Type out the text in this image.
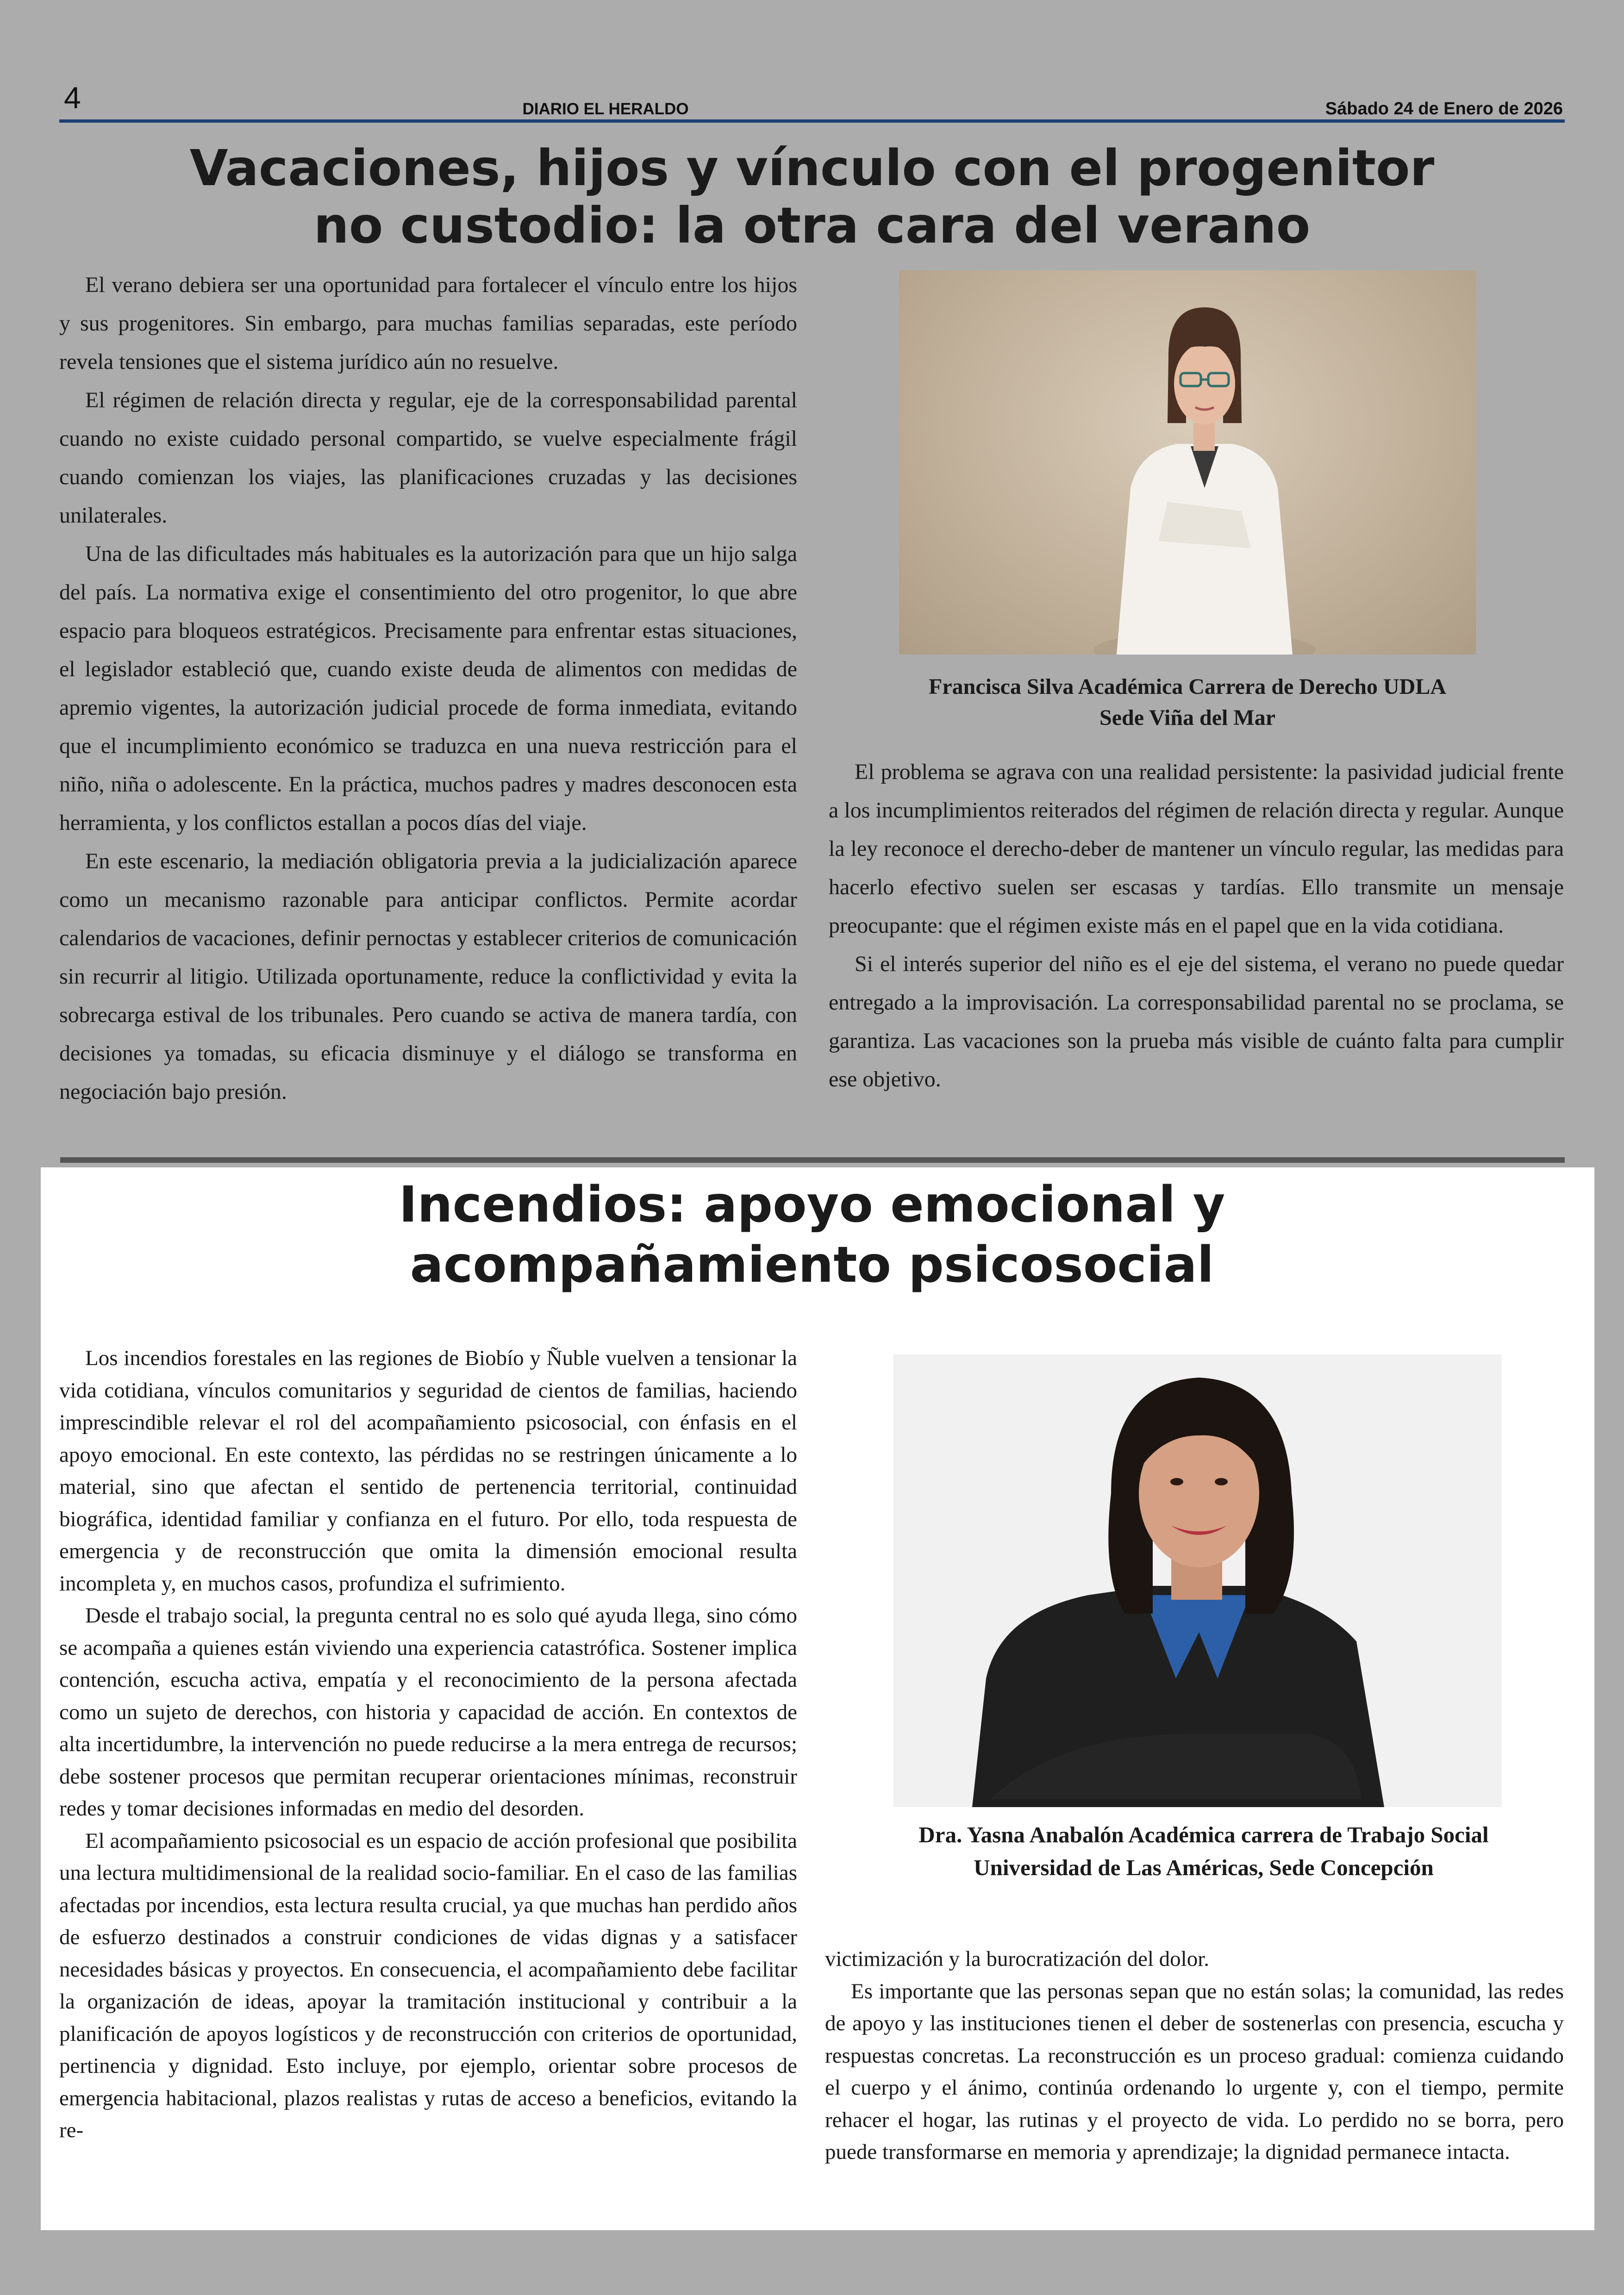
4	DIARIO EL HERALDO	Sábado 24 de Enero de 2026
Vacaciones, hijos y vínculo con el progenitor
no custodio: la otra cara del verano

El verano debiera ser una oportunidad para fortalecer el vínculo entre los hijos y sus progenitores. Sin embargo, para muchas familias separadas, este período revela tensiones que el sistema jurídico aún no resuelve.

El régimen de relación directa y regular, eje de la corresponsabilidad parental cuando no existe cuidado personal compartido, se vuelve especialmente frágil cuando comienzan los viajes, las planificaciones cruzadas y las decisiones unilaterales.

Una de las dificultades más habituales es la autorización para que un hijo salga del país. La normativa exige el consentimiento del otro progenitor, lo que abre espacio para bloqueos estratégicos. Precisamente para enfrentar estas situaciones, el legislador estableció que, cuando existe deuda de alimentos con medidas de apremio vigentes, la autorización judicial procede de forma inmediata, evitando que el incumplimiento económico se traduzca en una nueva restricción para el niño, niña o adolescente. En la práctica, muchos padres y madres desconocen esta herramienta, y los conflictos estallan a pocos días del viaje.

En este escenario, la mediación obligatoria previa a la judicialización aparece como un mecanismo razonable para anticipar conflictos. Permite acordar calendarios de vacaciones, definir pernoctas y establecer criterios de comunicación sin recurrir al litigio. Utilizada oportunamente, reduce la conflictividad y evita la sobrecarga estival de los tribunales. Pero cuando se activa de manera tardía, con decisiones ya tomadas, su eficacia disminuye y el diálogo se transforma en negociación bajo presión.

Francisca Silva Académica Carrera de Derecho UDLA
Sede Viña del Mar

El problema se agrava con una realidad persistente: la pasividad judicial frente a los incumplimientos reiterados del régimen de relación directa y regular. Aunque la ley reconoce el derecho-deber de mantener un vínculo regular, las medidas para hacerlo efectivo suelen ser escasas y tardías. Ello transmite un mensaje preocupante: que el régimen existe más en el papel que en la vida cotidiana.

Si el interés superior del niño es el eje del sistema, el verano no puede quedar entregado a la improvisación. La corresponsabilidad parental no se proclama, se garantiza. Las vacaciones son la prueba más visible de cuánto falta para cumplir ese objetivo.

Incendios: apoyo emocional y
acompañamiento psicosocial

Los incendios forestales en las regiones de Biobío y Ñuble vuelven a tensionar la vida cotidiana, vínculos comunitarios y seguridad de cientos de familias, haciendo imprescindible relevar el rol del acompañamiento psicosocial, con énfasis en el apoyo emocional. En este contexto, las pérdidas no se restringen únicamente a lo material, sino que afectan el sentido de pertenencia territorial, continuidad biográfica, identidad familiar y confianza en el futuro. Por ello, toda respuesta de emergencia y de reconstrucción que omita la dimensión emocional resulta incompleta y, en muchos casos, profundiza el sufrimiento.

Desde el trabajo social, la pregunta central no es solo qué ayuda llega, sino cómo se acompaña a quienes están viviendo una experiencia catastrófica. Sostener implica contención, escucha activa, empatía y el reconocimiento de la persona afectada como un sujeto de derechos, con historia y capacidad de acción. En contextos de alta incertidumbre, la intervención no puede reducirse a la mera entrega de recursos; debe sostener procesos que permitan recuperar orientaciones mínimas, reconstruir redes y tomar decisiones informadas en medio del desorden.

El acompañamiento psicosocial es un espacio de acción profesional que posibilita una lectura multidimensional de la realidad socio-familiar. En el caso de las familias afectadas por incendios, esta lectura resulta crucial, ya que muchas han perdido años de esfuerzo destinados a construir condiciones de vidas dignas y a satisfacer necesidades básicas y proyectos. En consecuencia, el acompañamiento debe facilitar la organización de ideas, apoyar la tramitación institucional y contribuir a la planificación de apoyos logísticos y de reconstrucción con criterios de oportunidad, pertinencia y dignidad. Esto incluye, por ejemplo, orientar sobre procesos de emergencia habitacional, plazos realistas y rutas de acceso a beneficios, evitando la re-

Dra. Yasna Anabalón Académica carrera de Trabajo Social
Universidad de Las Américas, Sede Concepción
victimización y la burocratización del dolor.

Es importante que las personas sepan que no están solas; la comunidad, las redes de apoyo y las instituciones tienen el deber de sostenerlas con presencia, escucha y respuestas concretas. La reconstrucción es un proceso gradual: comienza cuidando el cuerpo y el ánimo, continúa ordenando lo urgente y, con el tiempo, permite rehacer el hogar, las rutinas y el proyecto de vida. Lo perdido no se borra, pero puede transformarse en memoria y aprendizaje; la dignidad permanece intacta.
